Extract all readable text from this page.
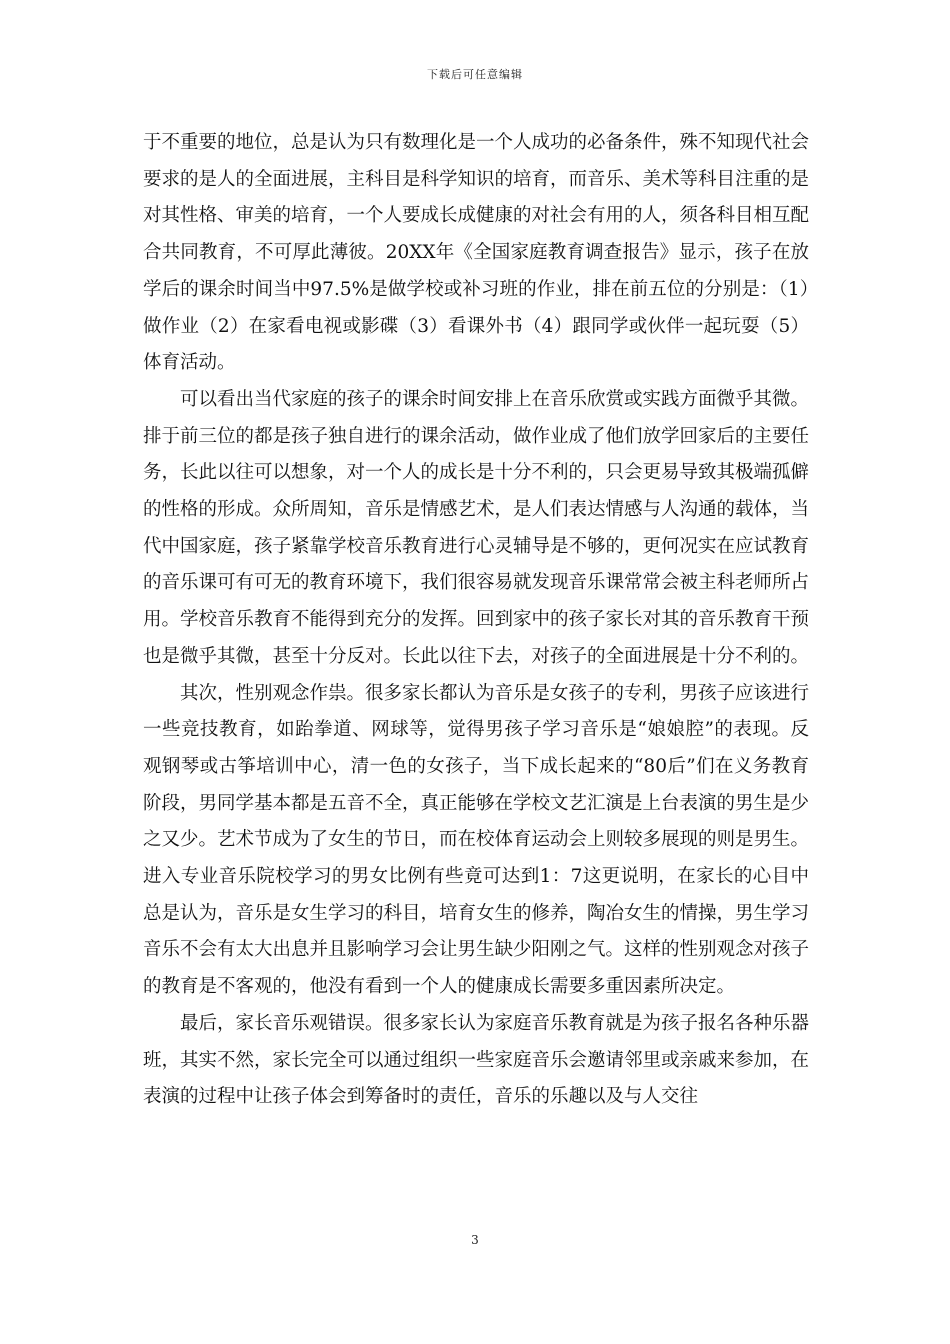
下载后可任意编辑

于不重要的地位，总是认为只有数理化是一个人成功的必备条件，殊不知现代社会要求的是人的全面进展，主科目是科学知识的培育，而音乐、美术等科目注重的是对其性格、审美的培育，一个人要成长成健康的对社会有用的人，须各科目相互配合共同教育，不可厚此薄彼。20XX年《全国家庭教育调查报告》显示，孩子在放学后的课余时间当中97.5%是做学校或补习班的作业，排在前五位的分别是：（1）做作业（2）在家看电视或影碟（3）看课外书（4）跟同学或伙伴一起玩耍（5）体育活动。

可以看出当代家庭的孩子的课余时间安排上在音乐欣赏或实践方面微乎其微。排于前三位的都是孩子独自进行的课余活动，做作业成了他们放学回家后的主要任务，长此以往可以想象，对一个人的成长是十分不利的，只会更易导致其极端孤僻的性格的形成。众所周知，音乐是情感艺术，是人们表达情感与人沟通的载体，当代中国家庭，孩子紧靠学校音乐教育进行心灵辅导是不够的，更何况实在应试教育的音乐课可有可无的教育环境下，我们很容易就发现音乐课常常会被主科老师所占用。学校音乐教育不能得到充分的发挥。回到家中的孩子家长对其的音乐教育干预也是微乎其微，甚至十分反对。长此以往下去，对孩子的全面进展是十分不利的。

其次，性别观念作祟。很多家长都认为音乐是女孩子的专利，男孩子应该进行一些竞技教育，如跆拳道、网球等，觉得男孩子学习音乐是“娘娘腔”的表现。反观钢琴或古筝培训中心，清一色的女孩子，当下成长起来的“80后”们在义务教育阶段，男同学基本都是五音不全，真正能够在学校文艺汇演是上台表演的男生是少之又少。艺术节成为了女生的节日，而在校体育运动会上则较多展现的则是男生。进入专业音乐院校学习的男女比例有些竟可达到1：7这更说明，在家长的心目中总是认为，音乐是女生学习的科目，培育女生的修养，陶冶女生的情操，男生学习音乐不会有太大出息并且影响学习会让男生缺少阳刚之气。这样的性别观念对孩子的教育是不客观的，他没有看到一个人的健康成长需要多重因素所决定。

最后，家长音乐观错误。很多家长认为家庭音乐教育就是为孩子报名各种乐器班，其实不然，家长完全可以通过组织一些家庭音乐会邀请邻里或亲戚来参加，在表演的过程中让孩子体会到筹备时的责任，音乐的乐趣以及与人交往

3
